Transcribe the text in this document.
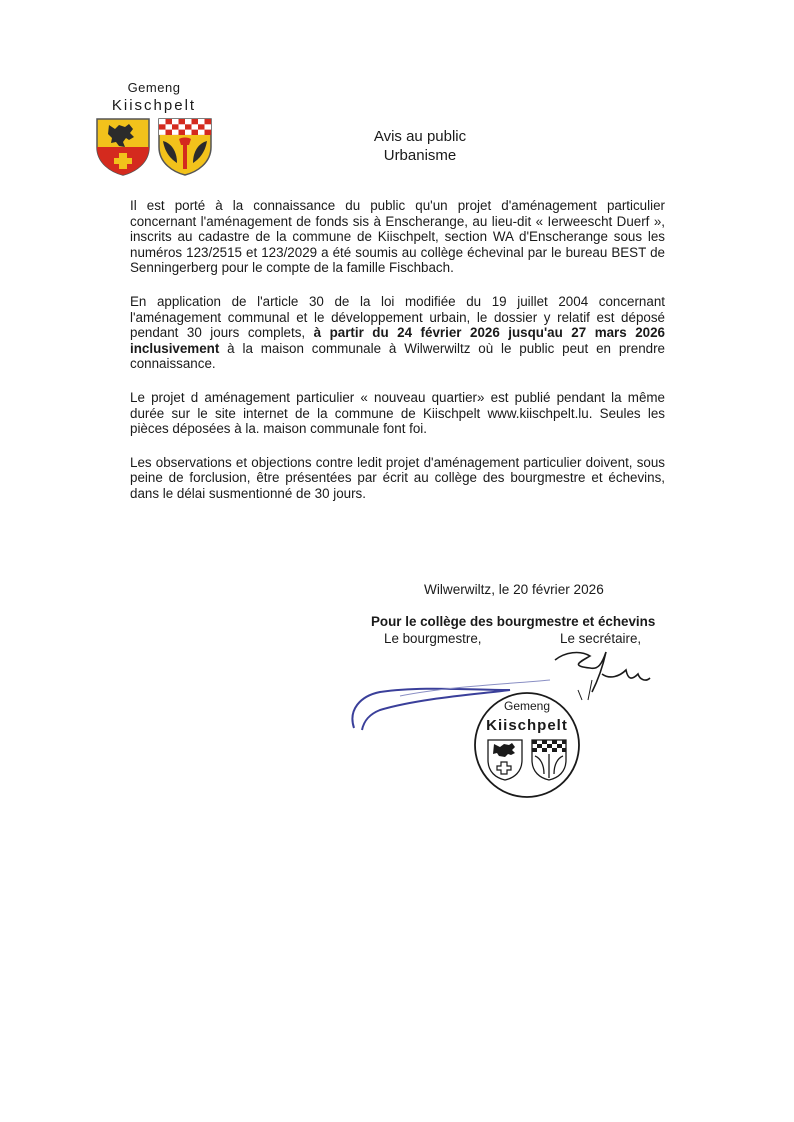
Gemeng
Kiischpelt
Avis au public
Urbanisme

Il est porté à la connaissance du public qu'un projet d'aménagement particulier concernant l'aménagement de fonds sis à Enscherange, au lieu-dit « Ierweescht Duerf », inscrits au cadastre de la commune de Kiischpelt, section WA d'Enscherange sous les numéros 123/2515 et 123/2029 a été soumis au collège échevinal par le bureau BEST de Senningerberg pour le compte de la famille Fischbach.

En application de l'article 30 de la loi modifiée du 19 juillet 2004 concernant l'aménagement communal et le développement urbain, le dossier y relatif est déposé pendant 30 jours complets, à partir du 24 février 2026 jusqu'au 27 mars 2026 inclusivement à la maison communale à Wilwerwiltz où le public peut en prendre connaissance.

Le projet d aménagement particulier « nouveau quartier» est publié pendant la même durée sur le site internet de la commune de Kiischpelt www.kiischpelt.lu. Seules les pièces déposées à la. maison communale font foi.

Les observations et objections contre ledit projet d'aménagement particulier doivent, sous peine de forclusion, être présentées par écrit au collège des bourgmestre et échevins, dans le délai susmentionné de 30 jours.

Wilwerwiltz, le 20 février 2026
Pour le collège des bourgmestre et échevins
Le bourgmestre,	Le secrétaire,
Gemeng
Kiischpelt
